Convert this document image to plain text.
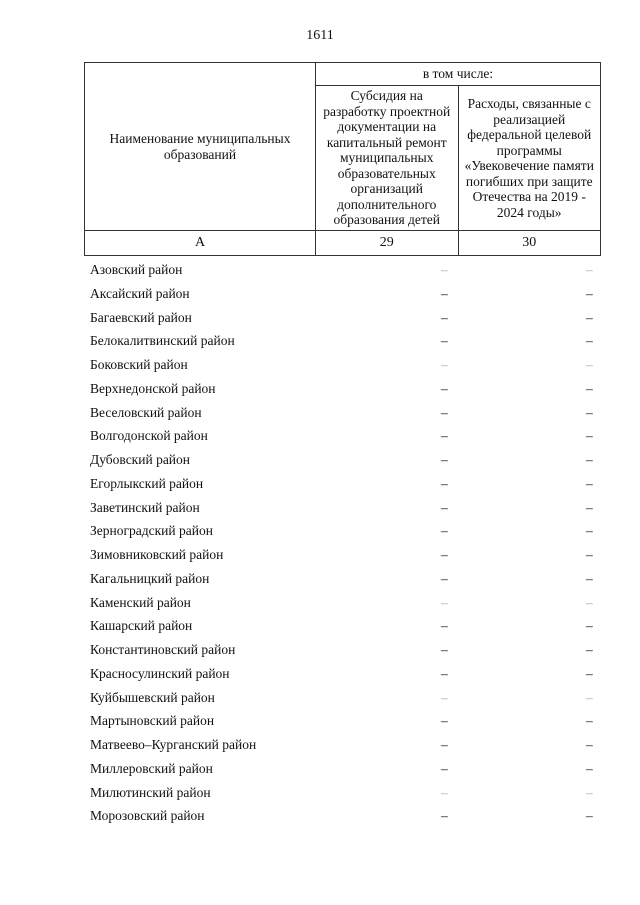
1611
Наименование муниципальных образований	в том числе:	
	Субсидия на разработку проектной документации на капитальный ремонт муниципальных образовательных организаций дополнительного образования детей	Расходы, связанные с реализацией федеральной целевой программы «Увековечение памяти погибших при защите Отечества на 2019 - 2024 годы»
А	29	30
Азовский район	–	–
Аксайский район	–	–
Багаевский район	–	–
Белокалитвинский район	–	–
Боковский район	–	–
Верхнедонской район	–	–
Веселовский район	–	–
Волгодонской район	–	–
Дубовский район	–	–
Егорлыкский район	–	–
Заветинский район	–	–
Зерноградский район	–	–
Зимовниковский район	–	–
Кагальницкий район	–	–
Каменский район	–	–
Кашарский район	–	–
Константиновский район	–	–
Красносулинский район	–	–
Куйбышевский район	–	–
Мартыновский район	–	–
Матвеево–Курганский район	–	–
Миллеровский район	–	–
Милютинский район	–	–
Морозовский район	–	–
